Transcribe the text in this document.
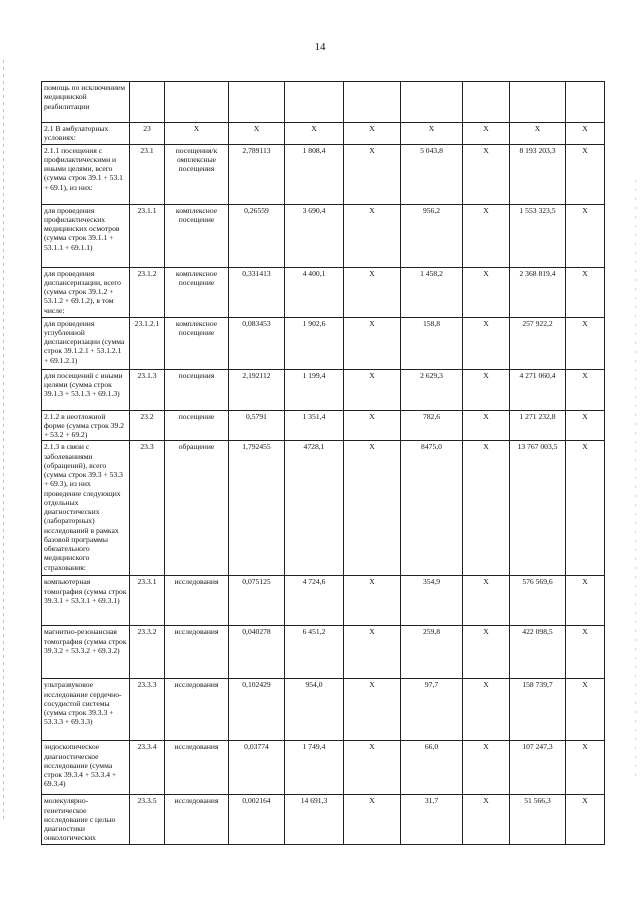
14
помощь по исключением медицинской реабилитации									
2.1 В амбулаторных условиях:	23	X	X	X	X	X	X	X	X
2.1.1 посещения с профилактическими и иными целями, всего (сумма строк 39.1 + 53.1 + 69.1), из них:	23.1	посещения/к омплексные посещения	2,789113	1 808,4	X	5 043,8	X	8 193 203,3	X
для проведения профилактических медицинских осмотров (сумма строк 39.1.1 + 53.1.1 + 69.1.1)	23.1.1	комплексное посещение	0,26559	3 690,4	X	956,2	X	1 553 323,5	X
для проведения диспансеризации, всего (сумма строк 39.1.2 + 53.1.2 + 69.1.2), в том числе:	23.1.2	комплексное посещение	0,331413	4 400,1	X	1 458,2	X	2 368 819,4	X
для проведения углубленной диспансеризации (сумма строк 39.1.2.1 + 53.1.2.1 + 69.1.2.1)	23.1.2.1	комплексное посещение	0,083453	1 902,6	X	158,8	X	257 922,2	X
для посещений с иными целями (сумма строк 39.1.3 + 53.1.3 + 69.1.3)	23.1.3	посещения	2,192112	1 199,4	X	2 629,3	X	4 271 060,4	X
2.1.2 в неотложной форме (сумма строк 39.2 + 53.2 + 69.2)	23.2	посещение	0,5791	1 351,4	X	782,6	X	1 271 232,8	X
2.1.3 в связи с заболеваниями (обращений), всего (сумма строк 39.3 + 53.3 + 69.3), из них проведение следующих отдельных диагностических (лабораторных) исследований в рамках базовой программы обязательного медицинского страхования:	23.3	обращение	1,792455	4728,1	X	8475,0	X	13 767 003,5	X
компьютерная томография (сумма строк 39.3.1 + 53.3.1 + 69.3.1)	23.3.1	исследования	0,075125	4 724,6	X	354,9	X	576 569,6	X
магнитно-резонансная томография (сумма строк 39.3.2 + 53.3.2 + 69.3.2)	23.3.2	исследования	0,040278	6 451,2	X	259,8	X	422 098,5	X
ультразвуковое исследование сердечно-сосудистой системы (сумма строк 39.3.3 + 53.3.3 + 69.3.3)	23.3.3	исследования	0,102429	954,0	X	97,7	X	158 739,7	X
эндоскопическое диагностическое исследование (сумма строк 39.3.4 + 53.3.4 + 69.3.4)	23.3.4	исследования	0,03774	1 749,4	X	66,0	X	107 247,3	X
молекулярно-генетическое исследование с целью диагностики онкологических	23.3.5	исследования	0,002164	14 691,3	X	31,7	X	51 566,3	X
